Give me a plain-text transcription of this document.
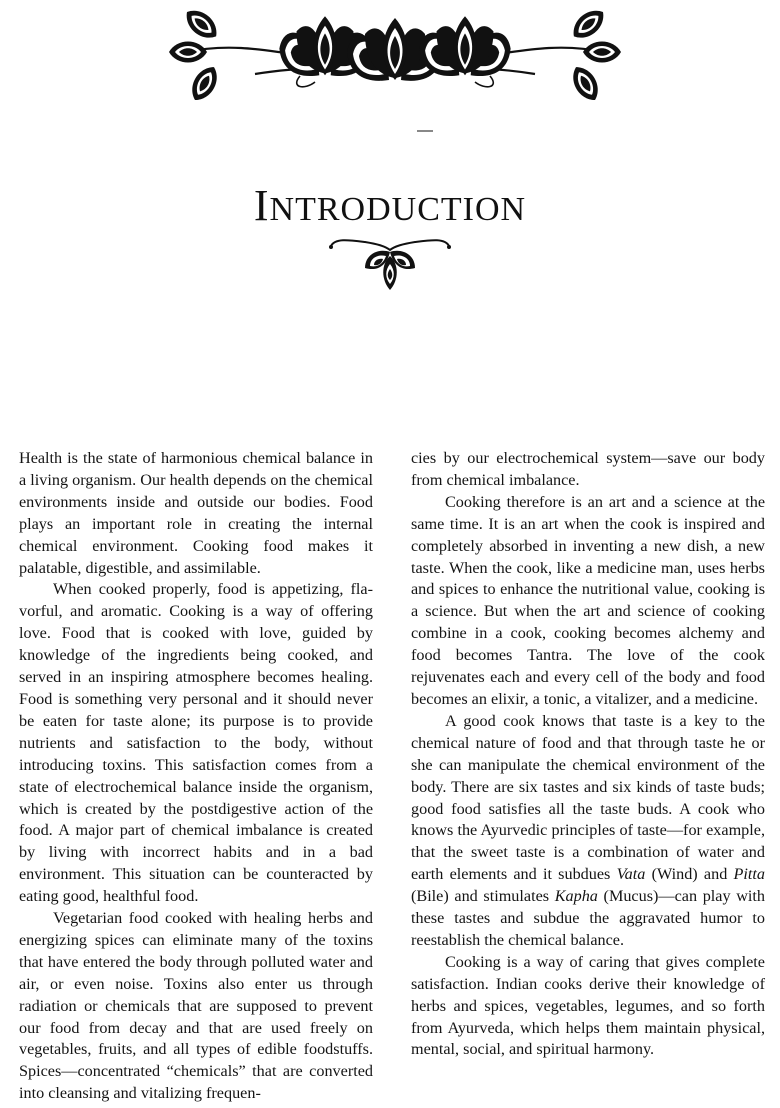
INTRODUCTION

Health is the state of harmonious chemical balance in a living organism. Our health depends on the chemical environments inside and outside our bodies. Food plays an important role in creating the internal chemical environment. Cooking food makes it palatable, digestible, and assimilable.

When cooked properly, food is appetizing, flavorful, and aromatic. Cooking is a way of offering love. Food that is cooked with love, guided by knowledge of the ingredients being cooked, and served in an inspiring atmosphere becomes healing. Food is something very personal and it should never be eaten for taste alone; its purpose is to provide nutrients and satisfaction to the body, without introducing toxins. This satisfaction comes from a state of electrochemical balance inside the organism, which is created by the postdigestive action of the food. A major part of chemical imbalance is created by living with incorrect habits and in a bad environment. This situation can be counteracted by eating good, healthful food.

Vegetarian food cooked with healing herbs and energizing spices can eliminate many of the toxins that have entered the body through polluted water and air, or even noise. Toxins also enter us through radiation or chemicals that are supposed to prevent our food from decay and that are used freely on vegetables, fruits, and all types of edible foodstuffs. Spices—concentrated “chemicals” that are converted into cleansing and vitalizing frequen-

cies by our electrochemical system—save our body from chemical imbalance.

Cooking therefore is an art and a science at the same time. It is an art when the cook is inspired and completely absorbed in inventing a new dish, a new taste. When the cook, like a medicine man, uses herbs and spices to enhance the nutritional value, cooking is a science. But when the art and science of cooking combine in a cook, cooking becomes alchemy and food becomes Tantra. The love of the cook rejuvenates each and every cell of the body and food becomes an elixir, a tonic, a vitalizer, and a medicine.

A good cook knows that taste is a key to the chemical nature of food and that through taste he or she can manipulate the chemical environment of the body. There are six tastes and six kinds of taste buds; good food satisfies all the taste buds. A cook who knows the Ayurvedic principles of taste—for example, that the sweet taste is a combination of water and earth elements and it subdues Vata (Wind) and Pitta (Bile) and stimulates Kapha (Mucus)—can play with these tastes and subdue the aggravated humor to reestablish the chemical balance.

Cooking is a way of caring that gives complete satisfaction. Indian cooks derive their knowledge of herbs and spices, vegetables, legumes, and so forth from Ayurveda, which helps them maintain physical, mental, social, and spiritual harmony.
